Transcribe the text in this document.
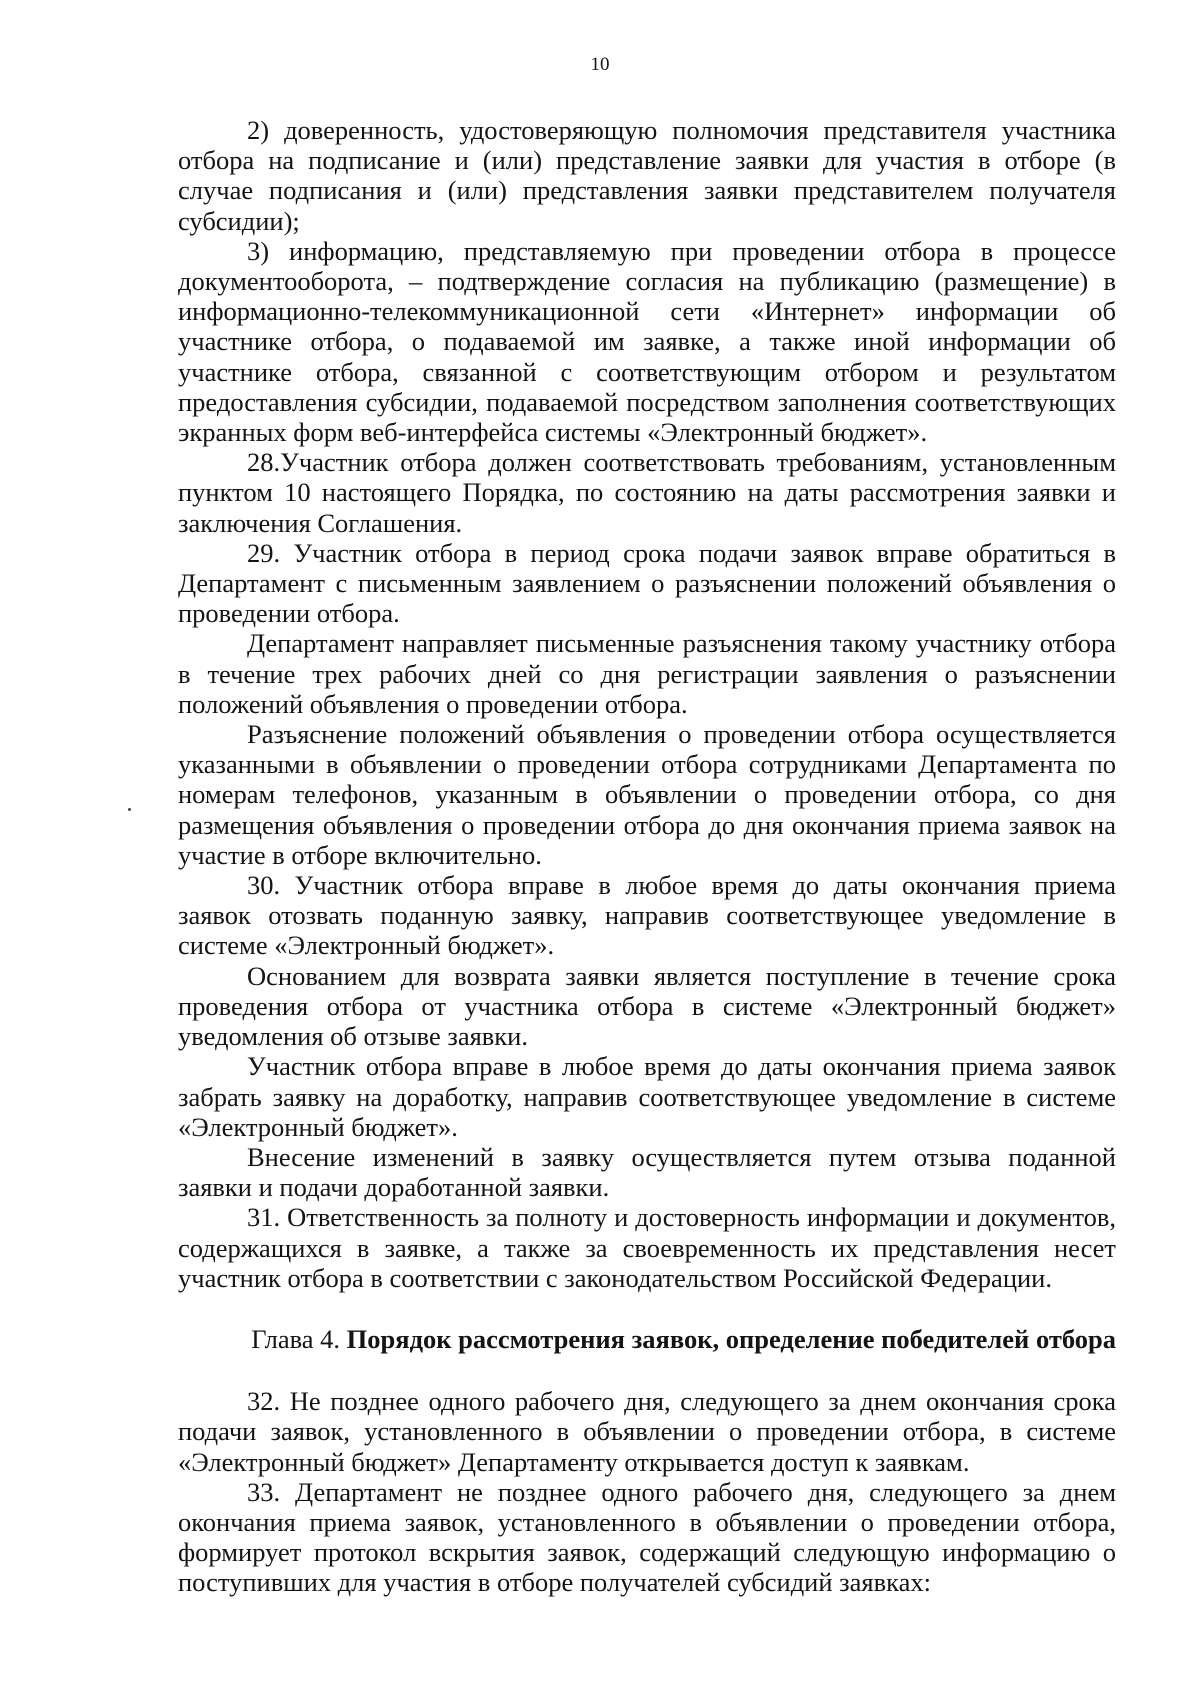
10

2) доверенность, удостоверяющую полномочия представителя участника отбора на подписание и (или) представление заявки для участия в отборе (в случае подписания и (или) представления заявки представителем получателя субсидии);

3) информацию, представляемую при проведении отбора в процессе документооборота, – подтверждение согласия на публикацию (размещение) в информационно-телекоммуникационной сети «Интернет» информации об участнике отбора, о подаваемой им заявке, а также иной информации об участнике отбора, связанной с соответствующим отбором и результатом предоставления субсидии, подаваемой посредством заполнения соответствующих экранных форм веб-интерфейса системы «Электронный бюджет».

28.Участник отбора должен соответствовать требованиям, установленным пунктом 10 настоящего Порядка, по состоянию на даты рассмотрения заявки и заключения Соглашения.

29. Участник отбора в период срока подачи заявок вправе обратиться в Департамент с письменным заявлением о разъяснении положений объявления о проведении отбора.

Департамент направляет письменные разъяснения такому участнику отбора в течение трех рабочих дней со дня регистрации заявления о разъяснении положений объявления о проведении отбора.

Разъяснение положений объявления о проведении отбора осуществляется указанными в объявлении о проведении отбора сотрудниками Департамента по номерам телефонов, указанным в объявлении о проведении отбора, со дня размещения объявления о проведении отбора до дня окончания приема заявок на участие в отборе включительно.

30. Участник отбора вправе в любое время до даты окончания приема заявок отозвать поданную заявку, направив соответствующее уведомление в системе «Электронный бюджет».

Основанием для возврата заявки является поступление в течение срока проведения отбора от участника отбора в системе «Электронный бюджет» уведомления об отзыве заявки.

Участник отбора вправе в любое время до даты окончания приема заявок забрать заявку на доработку, направив соответствующее уведомление в системе «Электронный бюджет».

Внесение изменений в заявку осуществляется путем отзыва поданной заявки и подачи доработанной заявки.

31. Ответственность за полноту и достоверность информации и документов, содержащихся в заявке, а также за своевременность их представления несет участник отбора в соответствии с законодательством Российской Федерации.

Глава 4. Порядок рассмотрения заявок, определение победителей отбора

32. Не позднее одного рабочего дня, следующего за днем окончания срока подачи заявок, установленного в объявлении о проведении отбора, в системе «Электронный бюджет» Департаменту открывается доступ к заявкам.

33. Департамент не позднее одного рабочего дня, следующего за днем окончания приема заявок, установленного в объявлении о проведении отбора, формирует протокол вскрытия заявок, содержащий следующую информацию о поступивших для участия в отборе получателей субсидий заявках:
